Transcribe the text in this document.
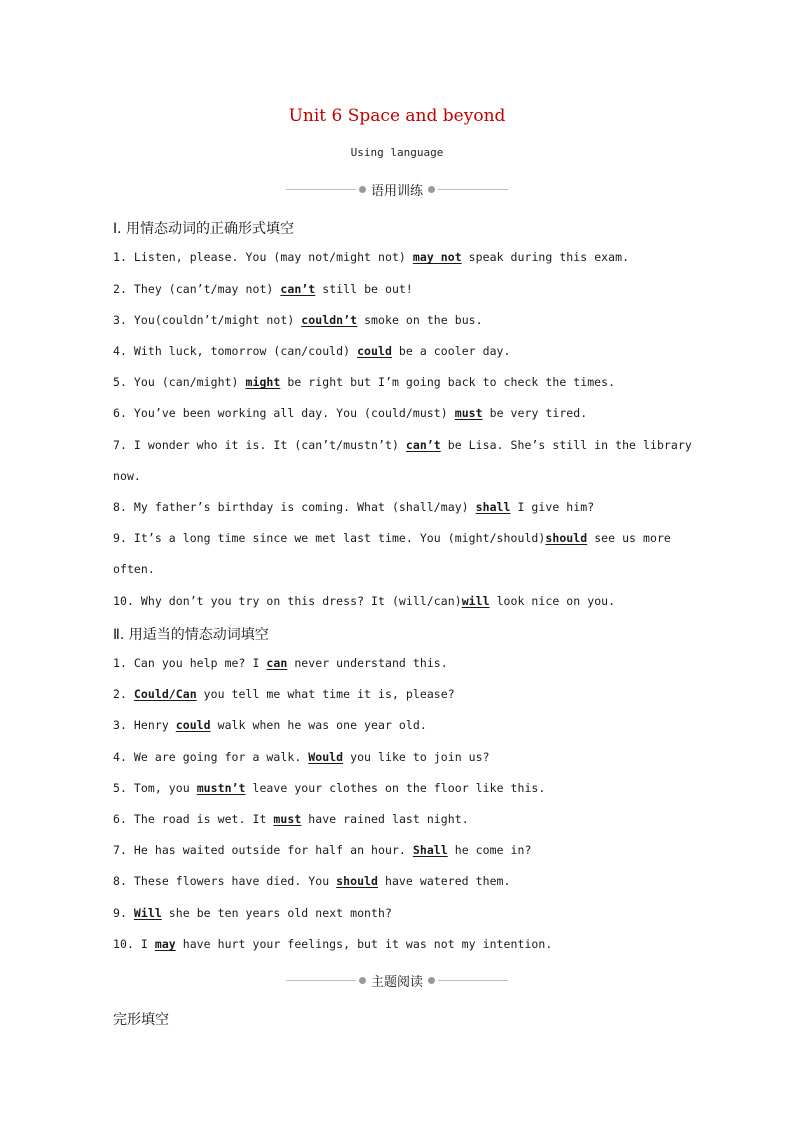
Unit 6 Space and beyond
Using language
语用训练
Ⅰ. 用情态动词的正确形式填空
1. Listen, please. You (may not/might not) may not speak during this exam.
2. They (can’t/may not) can’t still be out!
3. You(couldn’t/might not) couldn’t smoke on the bus.
4. With luck, tomorrow (can/could) could be a cooler day.
5. You (can/might) might be right but I’m going back to check the times.
6. You’ve been working all day. You (could/must) must be very tired.
7. I wonder who it is. It (can’t/mustn’t) can’t be Lisa. She’s still in the library
now.
8. My father’s birthday is coming. What (shall/may) shall I give him?
9. It’s a long time since we met last time. You (might/should)should see us more
often.
10. Why don’t you try on this dress? It (will/can)will look nice on you.
Ⅱ. 用适当的情态动词填空
1. Can you help me? I can never understand this.
2. Could/Can you tell me what time it is, please?
3. Henry could walk when he was one year old.
4. We are going for a walk. Would you like to join us?
5. Tom, you mustn’t leave your clothes on the floor like this.
6. The road is wet. It must have rained last night.
7. He has waited outside for half an hour. Shall he come in?
8. These flowers have died. You should have watered them.
9. Will she be ten years old next month?
10. I may have hurt your feelings, but it was not my intention.
主题阅读
完形填空
